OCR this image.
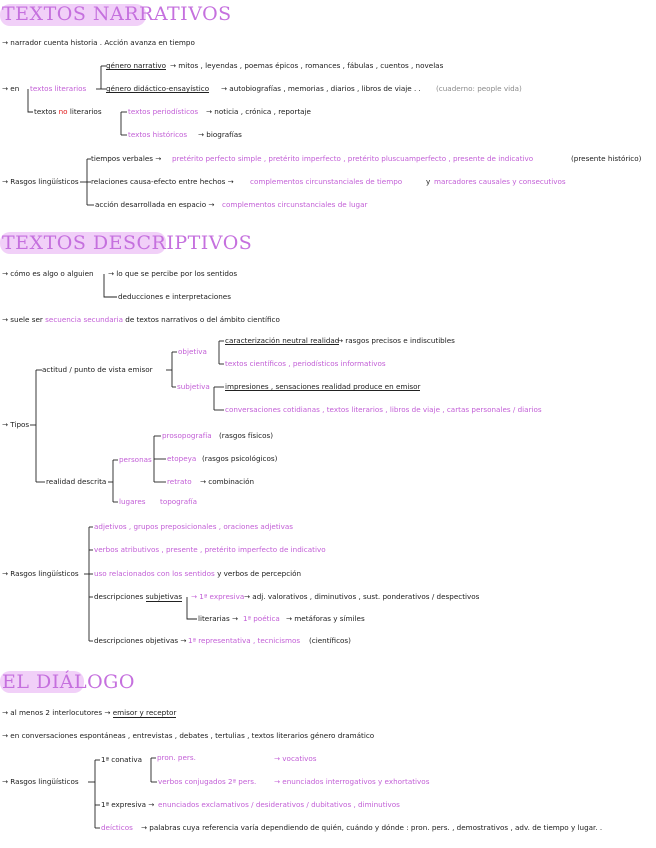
TEXTOS NARRATIVOS
→ narrador cuenta historia . Acción avanza en tiempo
→ en textos literarios
género narrativo → mitos , leyendas , poemas épicos , romances , fábulas , cuentos , novelas
género didáctico-ensayístico → autobiografías , memorias , diarios , libros de viaje . . (cuaderno: people vida)
textos no literarios	textos periodísticos → noticia , crónica , reportaje
textos históricos → biografías
→ Rasgos lingüísticos
tiempos verbales → pretérito perfecto simple , pretérito imperfecto , pretérito pluscuamperfecto , presente de indicativo	(presente histórico)
relaciones causa-efecto entre hechos → complementos circunstanciales de tiempo	y marcadores causales y consecutivos
acción desarrollada en espacio → complementos circunstanciales de lugar
TEXTOS DESCRIPTIVOS
→ cómo es algo o alguien → lo que se percibe por los sentidos
deducciones e interpretaciones
→ suele ser secuencia secundaria de textos narrativos o del ámbito científico
→ Tipos
actitud / punto de vista emisor
objetiva
caracterización neutral realidad
→ rasgos precisos e indiscutibles
textos científicos , periodísticos informativos
subjetiva impresiones , sensaciones realidad produce en emisor
conversaciones cotidianas , textos literarios , libros de viaje , cartas personales / diarios
realidad descrita
personas
prosopografía (rasgos físicos)
etopeya (rasgos psicológicos)
retrato → combinación
lugares topografía
→ Rasgos lingüísticos
adjetivos , grupos preposicionales , oraciones adjetivas
verbos atributivos , presente , pretérito imperfecto de indicativo
uso relacionados con los sentidos y verbos de percepción
descripciones subjetivas → 1ª expresiva → adj. valorativos , diminutivos , sust. ponderativos / despectivos
literarias → 1ª poética → metáforas y símiles
descripciones objetivas → 1ª representativa , tecnicismos (científicos)
EL DIÁLOGO
→ al menos 2 interlocutores → emisor y receptor
→ en conversaciones espontáneas , entrevistas , debates , tertulias , textos literarios género dramático
→ Rasgos lingüísticos
1ª conativa pron. pers.	→ vocativos
verbos conjugados 2ª pers. → enunciados interrogativos y exhortativos
1ª expresiva → enunciados exclamativos / desiderativos / dubitativos , diminutivos
deícticos → palabras cuya referencia varía dependiendo de quién, cuándo y dónde : pron. pers. , demostrativos , adv. de tiempo y lugar. .
